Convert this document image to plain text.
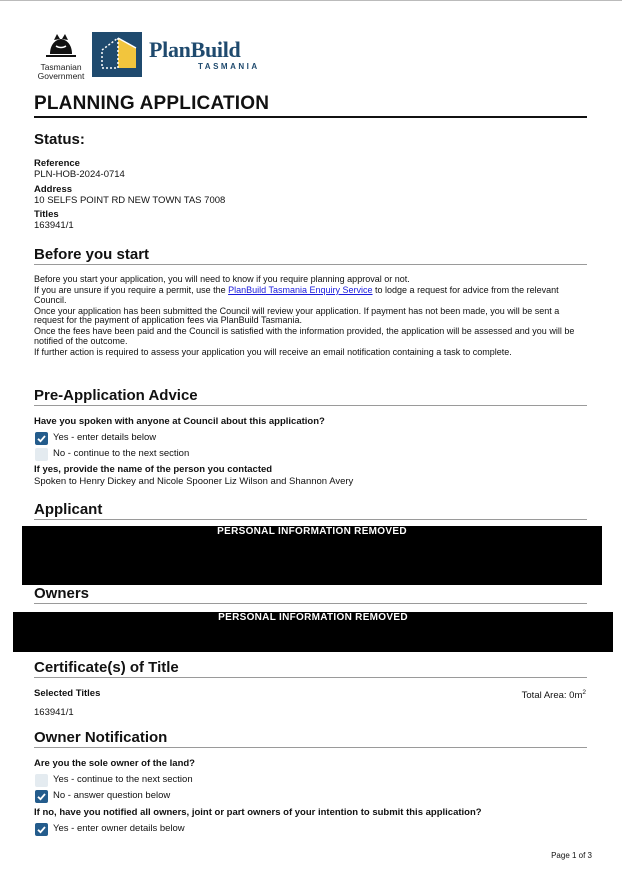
Tasmanian
Government
PlanBuild
TASMANIA
PLANNING APPLICATION
Status:
Reference
PLN-HOB-2024-0714
Address
10 SELFS POINT RD NEW TOWN TAS 7008
Titles
163941/1
Before you start

Before you start your application, you will need to know if you require planning approval or not.

If you are unsure if you require a permit, use the PlanBuild Tasmania Enquiry Service to lodge a request for advice from the relevant Council.

Once your application has been submitted the Council will review your application. If payment has not been made, you will be sent a request for the payment of application fees via PlanBuild Tasmania.

Once the fees have been paid and the Council is satisfied with the information provided, the application will be assessed and you will be notified of the outcome.

If further action is required to assess your application you will receive an email notification containing a task to complete.

Pre-Application Advice
Have you spoken with anyone at Council about this application?
Yes - enter details below
No - continue to the next section
If yes, provide the name of the person you contacted
Spoken to Henry Dickey and Nicole Spooner Liz Wilson and Shannon Avery
Applicant
PERSONAL INFORMATION REMOVED
Owners
PERSONAL INFORMATION REMOVED
Certificate(s) of Title
Selected Titles	Total Area: $0m^2$
163941/1
Owner Notification
Are you the sole owner of the land?
Yes - continue to the next section
No - answer question below
If no, have you notified all owners, joint or part owners of your intention to submit this application?
Yes - enter owner details below
Page 1 of 3
